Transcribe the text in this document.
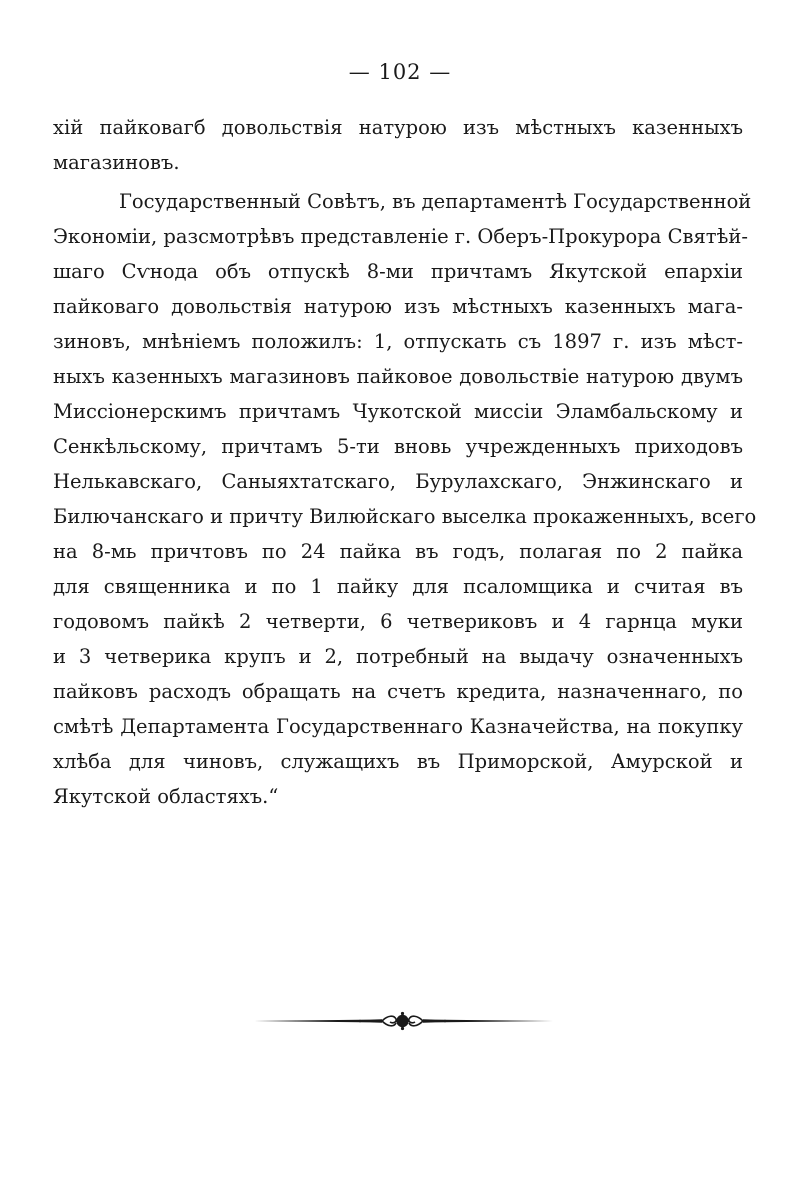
— 102 —
хій пайковагб довольствія натурою изъ мѣстныхъ казенныхъ
магазиновъ.
Государственный Совѣтъ, въ департаментѣ Государственной
Экономіи, разсмотрѣвъ представленіе г. Оберъ-Прокурора Святѣй-
шаго Сѵнода объ отпускѣ 8-ми причтамъ Якутской епархіи
пайковаго довольствія натурою изъ мѣстныхъ казенныхъ мага-
зиновъ, мнѣніемъ положилъ: 1, отпускать съ 1897 г. изъ мѣст-
ныхъ казенныхъ магазиновъ пайковое довольствіе натурою двумъ
Миссіонерскимъ причтамъ Чукотской миссіи Эламбальскому и
Сенкѣльскому, причтамъ 5-ти вновь учрежденныхъ приходовъ
Нелькавскаго, Саныяхтатскаго, Бурулахскаго, Энжинскаго и
Билючанскаго и причту Вилюйскаго выселка прокаженныхъ, всего
на 8-мь причтовъ по 24 пайка въ годъ, полагая по 2 пайка
для священника и по 1 пайку для псаломщика и считая въ
годовомъ пайкѣ 2 четверти, 6 четвериковъ и 4 гарнца муки
и 3 четверика крупъ и 2, потребный на выдачу означенныхъ
пайковъ расходъ обращать на счетъ кредита, назначеннаго, по
смѣтѣ Департамента Государственнаго Казначейства, на покупку
хлѣба для чиновъ, служащихъ въ Приморской, Амурской и
Якутской областяхъ.“
